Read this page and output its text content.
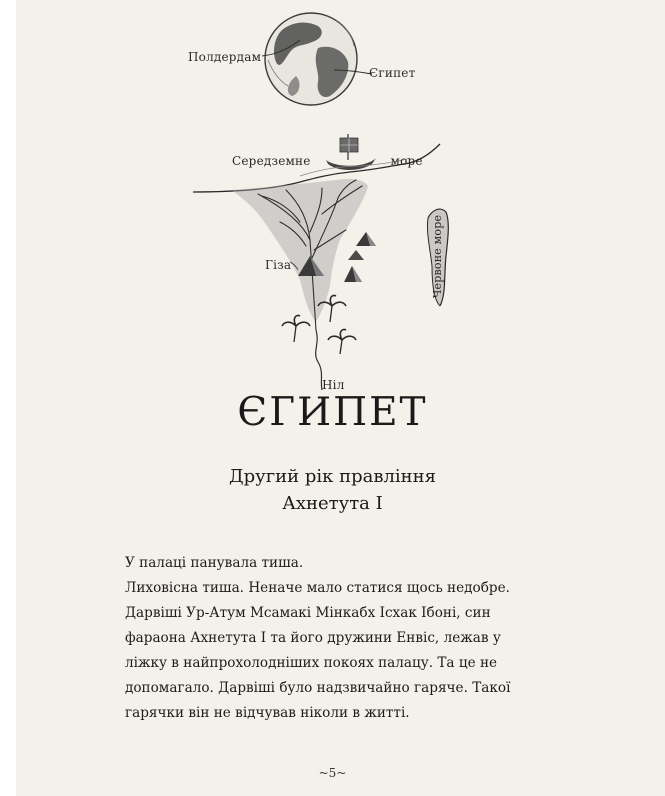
Полдердам
Єгипет
Середземне море
Гіза	Червоне море
Ніл
ЄГИПЕТ
Другий рік правління
Ахнетута І

У палаці панувала тиша.

Лиховісна тиша. Неначе мало статися щось недобре.

Дарвіші Ур-Атум Мсамакі Мінкабх Ісхак Ібоні, син фараона Ахнетута І та його дружини Енвіс, лежав у ліжку в найпрохолодніших покоях палацу. Та це не допомагало. Дарвіші було надзвичайно гаряче. Такої гарячки він не відчував ніколи в житті.

~5~
